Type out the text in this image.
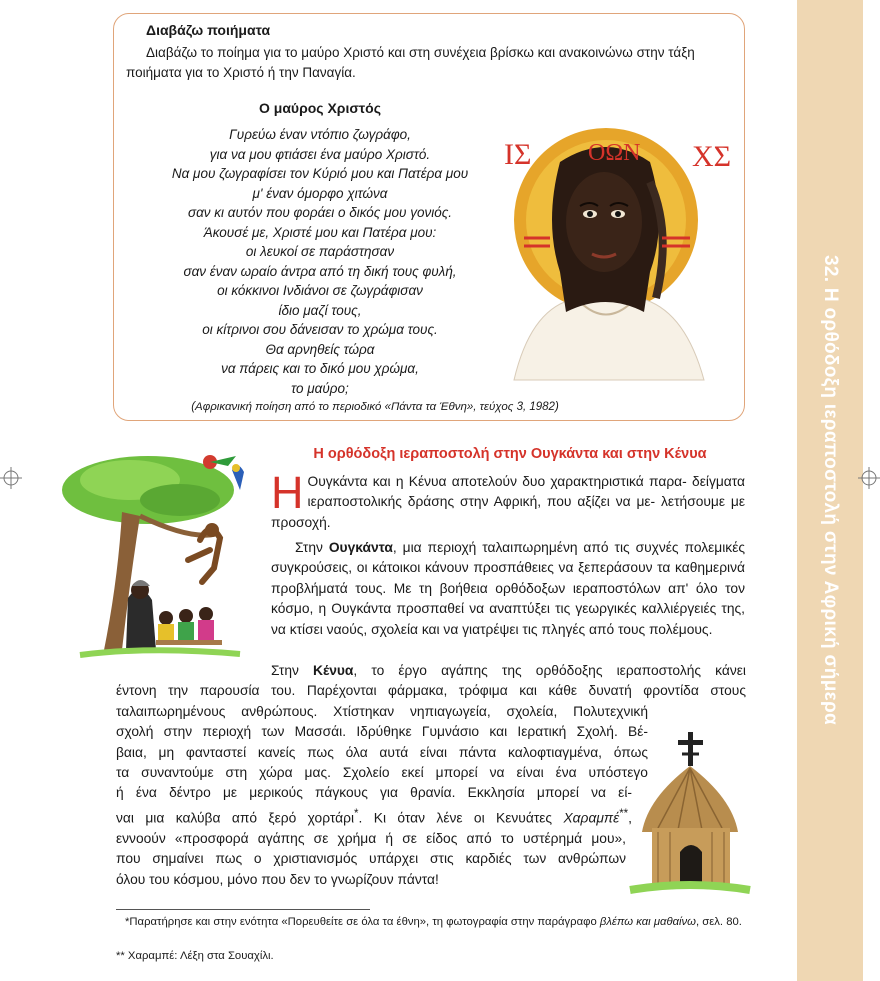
32. Η ορθόδοξη ιεραποστολή στην Αφρική σήμερα
Διαβάζω ποιήματα
Διαβάζω το ποίημα για το μαύρο Χριστό και στη συνέχεια βρίσκω και ανακοινώνω στην τάξη ποιήματα για το Χριστό ή την Παναγία.
Ο μαύρος Χριστός
Γυρεύω έναν ντόπιο ζωγράφο,
για να μου φτιάσει ένα μαύρο Χριστό.
Να μου ζωγραφίσει τον Κύριό μου και Πατέρα μου
μ' έναν όμορφο χιτώνα
σαν κι αυτόν που φοράει ο δικός μου γονιός.
Άκουσέ με, Χριστέ μου και Πατέρα μου:
οι λευκοί σε παράστησαν
σαν έναν ωραίο άντρα από τη δική τους φυλή,
οι κόκκινοι Ινδιάνοι σε ζωγράφισαν
ίδιο μαζί τους,
οι κίτρινοι σου δάνεισαν το χρώμα τους.
Θα αρνηθείς τώρα
να πάρεις και το δικό μου χρώμα,
το μαύρο;
(Αφρικανική ποίηση από το περιοδικό «Πάντα τα Έθνη», τεύχος 3, 1982)
IΣ ΟΩΝ XΣ
Η ορθόδοξη ιεραποστολή στην Ουγκάντα και στην Κένυα
Η Ουγκάντα και η Κένυα αποτελούν δυο χαρακτηριστικά παρα- δείγματα ιεραποστολικής δράσης στην Αφρική, που αξίζει να με- λετήσουμε με προσοχή.
Στην Ουγκάντα, μια περιοχή ταλαιπωρημένη από τις συχνές πολεμικές συγκρούσεις, οι κάτοικοι κάνουν προσπάθειες να ξεπεράσουν τα καθημερινά προβλήματά τους. Με τη βοήθεια ορθόδοξων ιεραποστόλων απ' όλο τον κόσμο, η Ουγκάντα προσπαθεί να αναπτύξει τις γεωργικές καλλιέργειές της, να κτίσει ναούς, σχολεία και να γιατρέψει τις πληγές από τους πολέμους.
Στην Κένυα, το έργο αγάπης της ορθόδοξης ιεραποστολής κάνει
έντονη την παρουσία του. Παρέχονται φάρμακα, τρόφιμα και κάθε δυνατή φροντίδα στους
ταλαιπωρημένους ανθρώπους. Χτίστηκαν νηπιαγωγεία, σχολεία, Πολυτεχνική
σχολή στην περιοχή των Μασσάι. Ιδρύθηκε Γυμνάσιο και Ιερατική Σχολή. Βέ-
βαια, μη φανταστεί κανείς πως όλα αυτά είναι πάντα καλοφτιαγμένα, όπως
τα συναντούμε στη χώρα μας. Σχολείο εκεί μπορεί να είναι ένα υπόστεγο
ή ένα δέντρο με μερικούς πάγκους για θρανία. Εκκλησία μπορεί να εί-
ναι μια καλύβα από ξερό χορτάρι*. Κι όταν λένε οι Κενυάτες Χαραμπέ**,
εννοούν «προσφορά αγάπης σε χρήμα ή σε είδος από το υστέρημά μου»,
που σημαίνει πως ο χριστιανισμός υπάρχει στις καρδιές των ανθρώπων
όλου του κόσμου, μόνο που δεν το γνωρίζουν πάντα!
*Παρατήρησε και στην ενότητα «Πορευθείτε σε όλα τα έθνη», τη φωτογραφία στην παράγραφο βλέπω και μαθαίνω, σελ. 80.
** Χαραμπέ: Λέξη στα Σουαχίλι.
